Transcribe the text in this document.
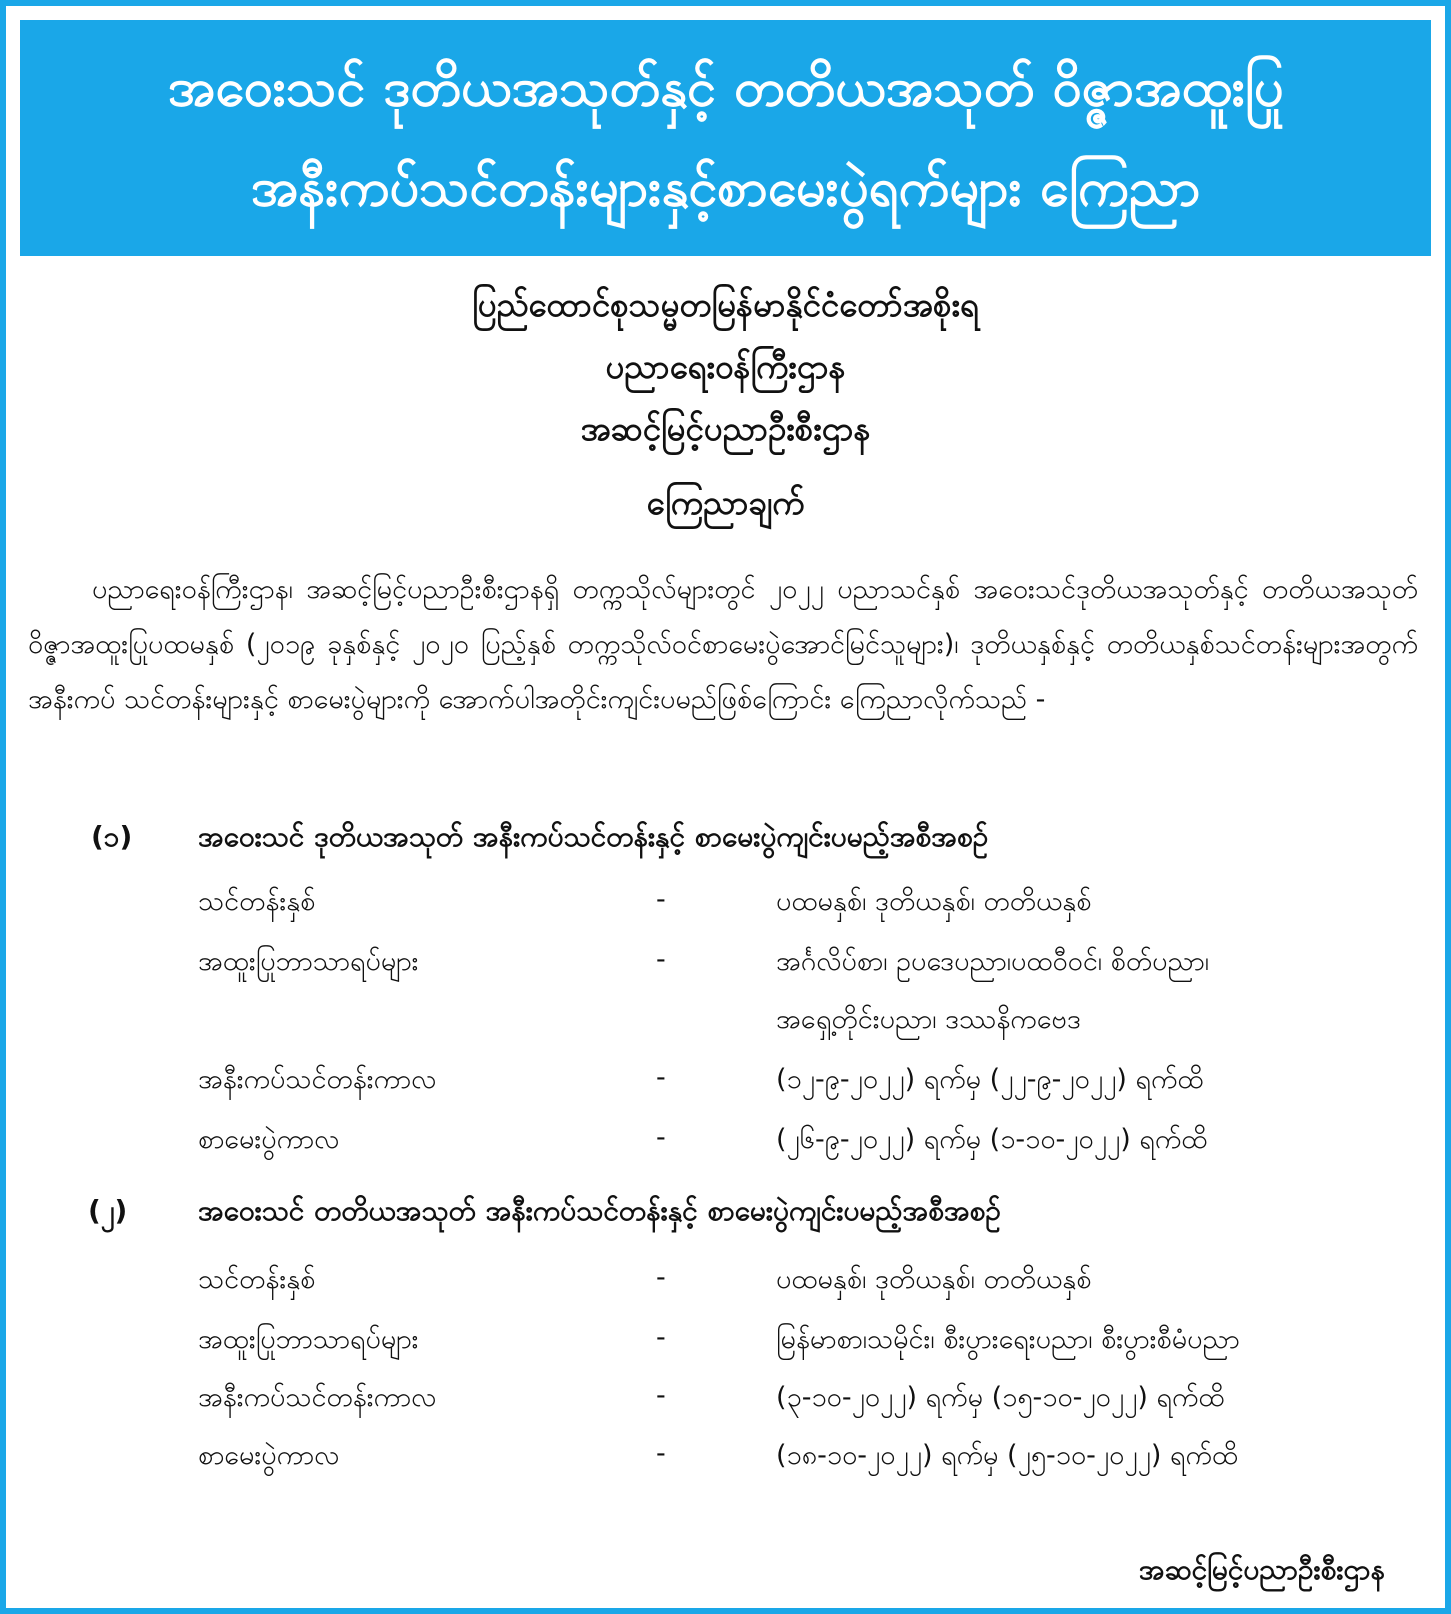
အဝေးသင် ဒုတိယအသုတ်နှင့် တတိယအသုတ် ဝိဇ္ဇာအထူးပြု
အနီးကပ်သင်တန်းများနှင့်စာမေးပွဲရက်များ ကြေညာ
ပြည်ထောင်စုသမ္မတမြန်မာနိုင်ငံတော်အစိုးရ
ပညာရေးဝန်ကြီးဌာန
အဆင့်မြင့်ပညာဦးစီးဌာန
ကြေညာချက်
ပညာရေးဝန်ကြီးဌာန၊ အဆင့်မြင့်ပညာဦးစီးဌာနရှိ တက္ကသိုလ်များတွင် ၂၀၂၂ ပညာသင်နှစ် အဝေးသင်ဒုတိယအသုတ်နှင့် တတိယအသုတ် ဝိဇ္ဇာအထူးပြုပထမနှစ် (၂၀၁၉ ခုနှစ်နှင့် ၂၀၂၀ ပြည့်နှစ် တက္ကသိုလ်ဝင်စာမေးပွဲအောင်မြင်သူများ)၊ ဒုတိယနှစ်နှင့် တတိယနှစ်သင်တန်းများအတွက် အနီးကပ် သင်တန်းများနှင့် စာမေးပွဲများကို အောက်ပါအတိုင်းကျင်းပမည်ဖြစ်ကြောင်း ကြေညာလိုက်သည် -
(၁) အဝေးသင် ဒုတိယအသုတ် အနီးကပ်သင်တန်းနှင့် စာမေးပွဲကျင်းပမည့်အစီအစဉ်
သင်တန်းနှစ်	-	ပထမနှစ်၊ ဒုတိယနှစ်၊ တတိယနှစ်
အထူးပြုဘာသာရပ်များ	-	အင်္ဂလိပ်စာ၊ ဥပဒေပညာ၊ပထဝီဝင်၊ စိတ်ပညာ၊
အရှေ့တိုင်းပညာ၊ ဒဿနိကဗေဒ
အနီးကပ်သင်တန်းကာလ	-	(၁၂-၉-၂၀၂၂) ရက်မှ (၂၂-၉-၂၀၂၂) ရက်ထိ
စာမေးပွဲကာလ	-	(၂၆-၉-၂၀၂၂) ရက်မှ (၁-၁၀-၂၀၂၂) ရက်ထိ
(၂)	အဝေးသင် တတိယအသုတ် အနီးကပ်သင်တန်းနှင့် စာမေးပွဲကျင်းပမည့်အစီအစဉ်
သင်တန်းနှစ်	-	ပထမနှစ်၊ ဒုတိယနှစ်၊ တတိယနှစ်
အထူးပြုဘာသာရပ်များ	-	မြန်မာစာ၊သမိုင်း၊ စီးပွားရေးပညာ၊ စီးပွားစီမံပညာ
အနီးကပ်သင်တန်းကာလ	-	(၃-၁၀-၂၀၂၂) ရက်မှ (၁၅-၁၀-၂၀၂၂) ရက်ထိ
စာမေးပွဲကာလ	-	(၁၈-၁၀-၂၀၂၂) ရက်မှ (၂၅-၁၀-၂၀၂၂) ရက်ထိ
အဆင့်မြင့်ပညာဦးစီးဌာန
